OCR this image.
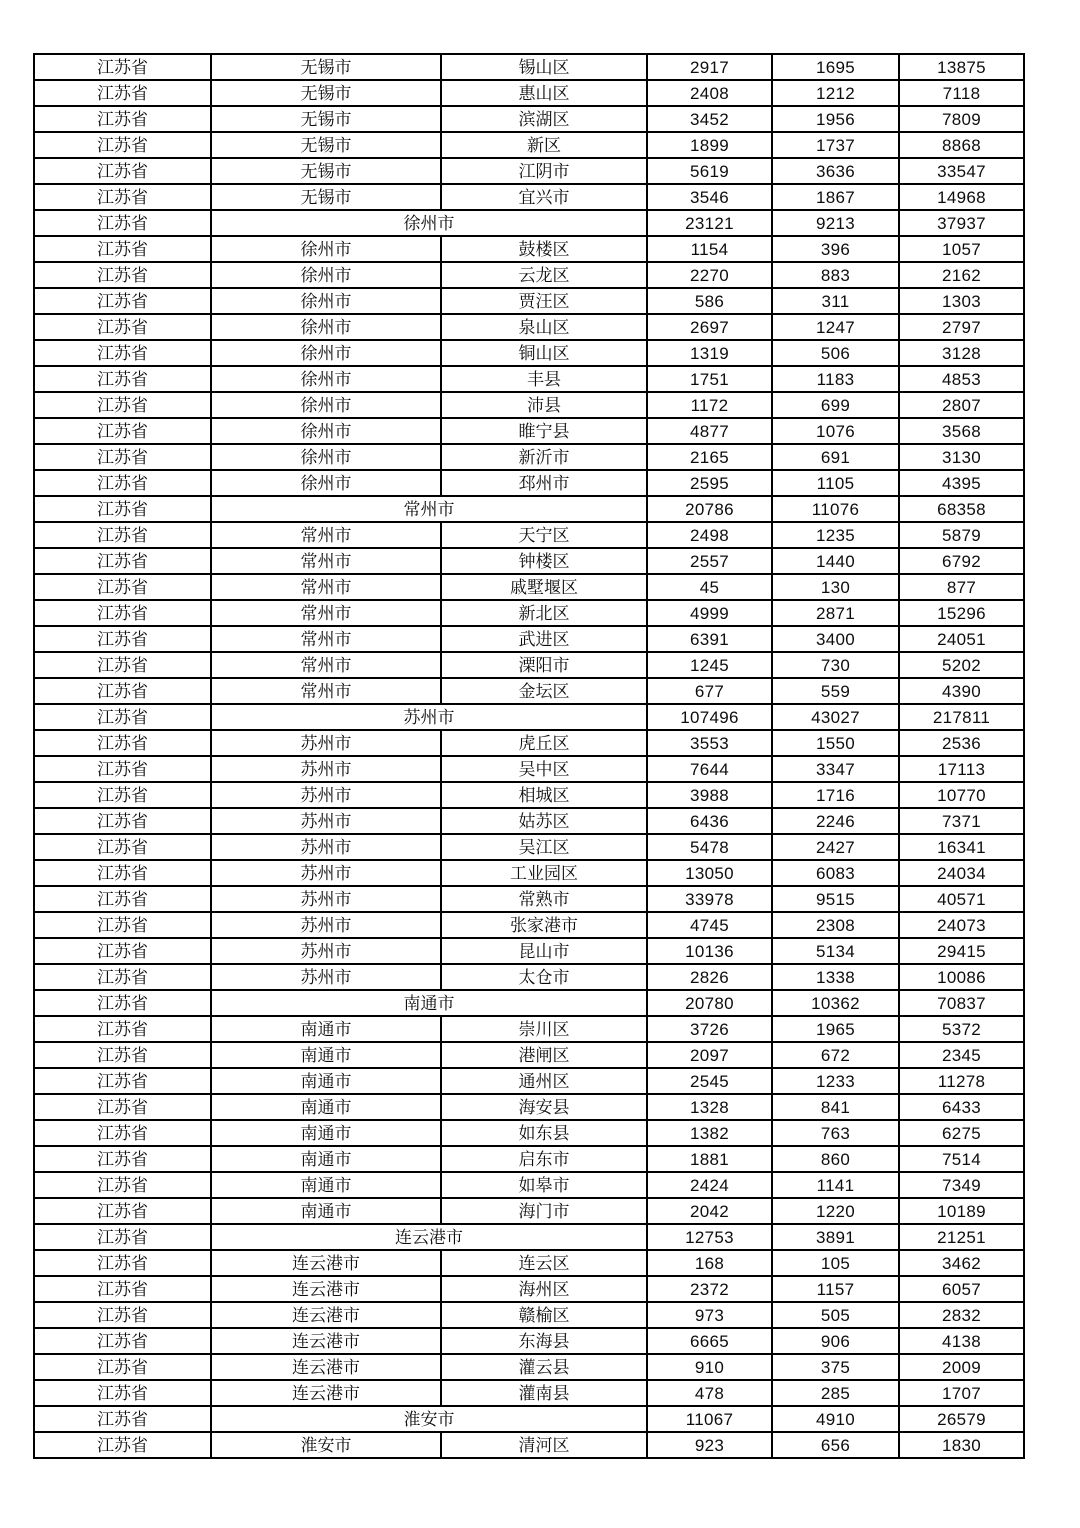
江苏省	无锡市	锡山区	2917	1695	13875
江苏省	无锡市	惠山区	2408	1212	7118
江苏省	无锡市	滨湖区	3452	1956	7809
江苏省	无锡市	新区	1899	1737	8868
江苏省	无锡市	江阴市	5619	3636	33547
江苏省	无锡市	宜兴市	3546	1867	14968
江苏省	徐州市		23121	9213	37937
江苏省	徐州市	鼓楼区	1154	396	1057
江苏省	徐州市	云龙区	2270	883	2162
江苏省	徐州市	贾汪区	586	311	1303
江苏省	徐州市	泉山区	2697	1247	2797
江苏省	徐州市	铜山区	1319	506	3128
江苏省	徐州市	丰县	1751	1183	4853
江苏省	徐州市	沛县	1172	699	2807
江苏省	徐州市	睢宁县	4877	1076	3568
江苏省	徐州市	新沂市	2165	691	3130
江苏省	徐州市	邳州市	2595	1105	4395
江苏省	常州市		20786	11076	68358
江苏省	常州市	天宁区	2498	1235	5879
江苏省	常州市	钟楼区	2557	1440	6792
江苏省	常州市	戚墅堰区	45	130	877
江苏省	常州市	新北区	4999	2871	15296
江苏省	常州市	武进区	6391	3400	24051
江苏省	常州市	溧阳市	1245	730	5202
江苏省	常州市	金坛区	677	559	4390
江苏省	苏州市		107496	43027	217811
江苏省	苏州市	虎丘区	3553	1550	2536
江苏省	苏州市	吴中区	7644	3347	17113
江苏省	苏州市	相城区	3988	1716	10770
江苏省	苏州市	姑苏区	6436	2246	7371
江苏省	苏州市	吴江区	5478	2427	16341
江苏省	苏州市	工业园区	13050	6083	24034
江苏省	苏州市	常熟市	33978	9515	40571
江苏省	苏州市	张家港市	4745	2308	24073
江苏省	苏州市	昆山市	10136	5134	29415
江苏省	苏州市	太仓市	2826	1338	10086
江苏省	南通市		20780	10362	70837
江苏省	南通市	崇川区	3726	1965	5372
江苏省	南通市	港闸区	2097	672	2345
江苏省	南通市	通州区	2545	1233	11278
江苏省	南通市	海安县	1328	841	6433
江苏省	南通市	如东县	1382	763	6275
江苏省	南通市	启东市	1881	860	7514
江苏省	南通市	如皋市	2424	1141	7349
江苏省	南通市	海门市	2042	1220	10189
江苏省	连云港市		12753	3891	21251
江苏省	连云港市	连云区	168	105	3462
江苏省	连云港市	海州区	2372	1157	6057
江苏省	连云港市	赣榆区	973	505	2832
江苏省	连云港市	东海县	6665	906	4138
江苏省	连云港市	灌云县	910	375	2009
江苏省	连云港市	灌南县	478	285	1707
江苏省	淮安市		11067	4910	26579
江苏省	淮安市	清河区	923	656	1830
